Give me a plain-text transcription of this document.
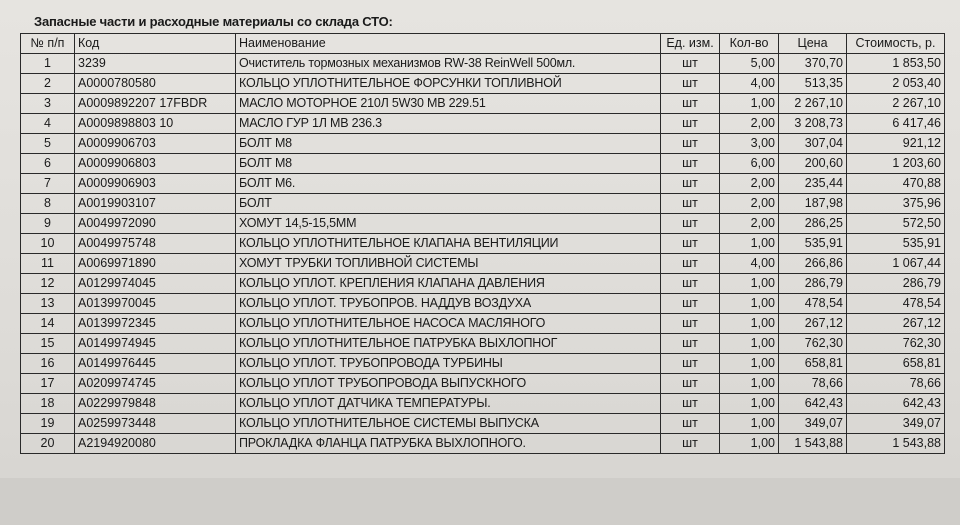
Запасные части и расходные материалы со склада СТО:
№ п/п	Код	Наименование	Ед. изм.	Кол-во	Цена	Стоимость, р.
1	3239	Очиститель тормозных механизмов RW-38 ReinWell 500мл.	шт	5,00	370,70	1 853,50
2	A0000780580	КОЛЬЦО УПЛОТНИТЕЛЬНОЕ ФОРСУНКИ ТОПЛИВНОЙ	шт	4,00	513,35	2 053,40
3	A0009892207 17FBDR	МАСЛО МОТОРНОЕ 210Л 5W30 MB 229.51	шт	1,00	2 267,10	2 267,10
4	A0009898803 10	МАСЛО ГУР 1Л MB 236.3	шт	2,00	3 208,73	6 417,46
5	A0009906703	БОЛТ M8	шт	3,00	307,04	921,12
6	A0009906803	БОЛТ M8	шт	6,00	200,60	1 203,60
7	A0009906903	БОЛТ M6.	шт	2,00	235,44	470,88
8	A0019903107	БОЛТ	шт	2,00	187,98	375,96
9	A0049972090	ХОМУТ 14,5-15,5ММ	шт	2,00	286,25	572,50
10	A0049975748	КОЛЬЦО УПЛОТНИТЕЛЬНОЕ КЛАПАНА ВЕНТИЛЯЦИИ	шт	1,00	535,91	535,91
11	A0069971890	ХОМУТ ТРУБКИ ТОПЛИВНОЙ СИСТЕМЫ	шт	4,00	266,86	1 067,44
12	A0129974045	КОЛЬЦО УПЛОТ. КРЕПЛЕНИЯ КЛАПАНА ДАВЛЕНИЯ	шт	1,00	286,79	286,79
13	A0139970045	КОЛЬЦО УПЛОТ. ТРУБОПРОВ. НАДДУВ ВОЗДУХА	шт	1,00	478,54	478,54
14	A0139972345	КОЛЬЦО УПЛОТНИТЕЛЬНОЕ НАСОСА МАСЛЯНОГО	шт	1,00	267,12	267,12
15	A0149974945	КОЛЬЦО УПЛОТНИТЕЛЬНОЕ ПАТРУБКА ВЫХЛОПНОГ	шт	1,00	762,30	762,30
16	A0149976445	КОЛЬЦО УПЛОТ. ТРУБОПРОВОДА ТУРБИНЫ	шт	1,00	658,81	658,81
17	A0209974745	КОЛЬЦО УПЛОТ ТРУБОПРОВОДА ВЫПУСКНОГО	шт	1,00	78,66	78,66
18	A0229979848	КОЛЬЦО УПЛОТ ДАТЧИКА ТЕМПЕРАТУРЫ.	шт	1,00	642,43	642,43
19	A0259973448	КОЛЬЦО УПЛОТНИТЕЛЬНОЕ СИСТЕМЫ ВЫПУСКА	шт	1,00	349,07	349,07
20	A2194920080	ПРОКЛАДКА ФЛАНЦА ПАТРУБКА ВЫХЛОПНОГО.	шт	1,00	1 543,88	1 543,88
